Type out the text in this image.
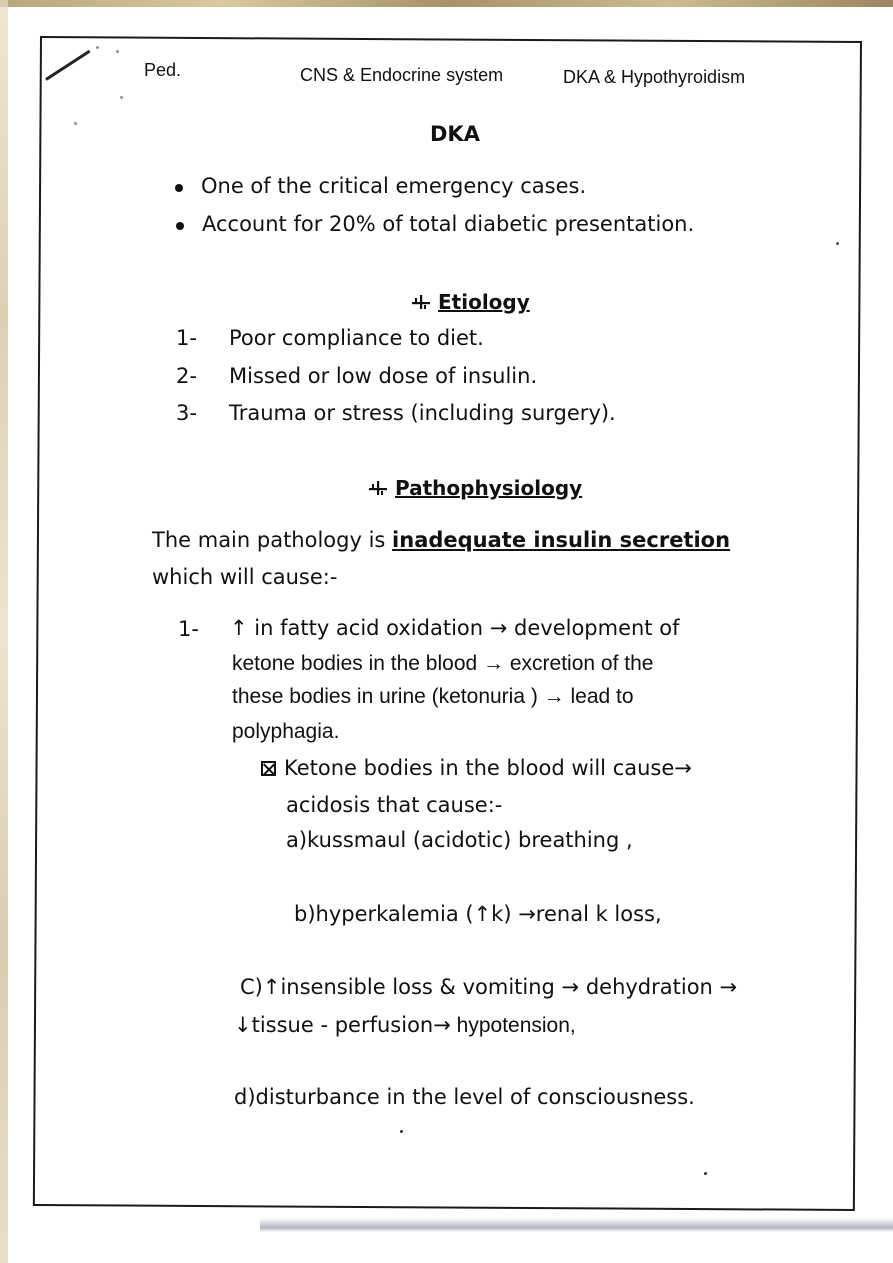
Ped.	CNS & Endocrine system	DKA & Hypothyroidism
DKA
One of the critical emergency cases.
Account for 20% of total diabetic presentation.
Etiology
1- Poor compliance to diet.
2- Missed or low dose of insulin.
3- Trauma or stress (including surgery).
Pathophysiology
The main pathology is inadequate insulin secretion
which will cause:-
1- ↑ in fatty acid oxidation → development of
ketone bodies in the blood → excretion of the
these bodies in urine (ketonuria ) → lead to
polyphagia.
Ketone bodies in the blood will cause→
acidosis that cause:-
a)kussmaul (acidotic) breathing ,
b)hyperkalemia (↑k) →renal k loss,
C)↑insensible loss & vomiting → dehydration →
↓tissue - perfusion→ hypotension,
d)disturbance in the level of consciousness.
